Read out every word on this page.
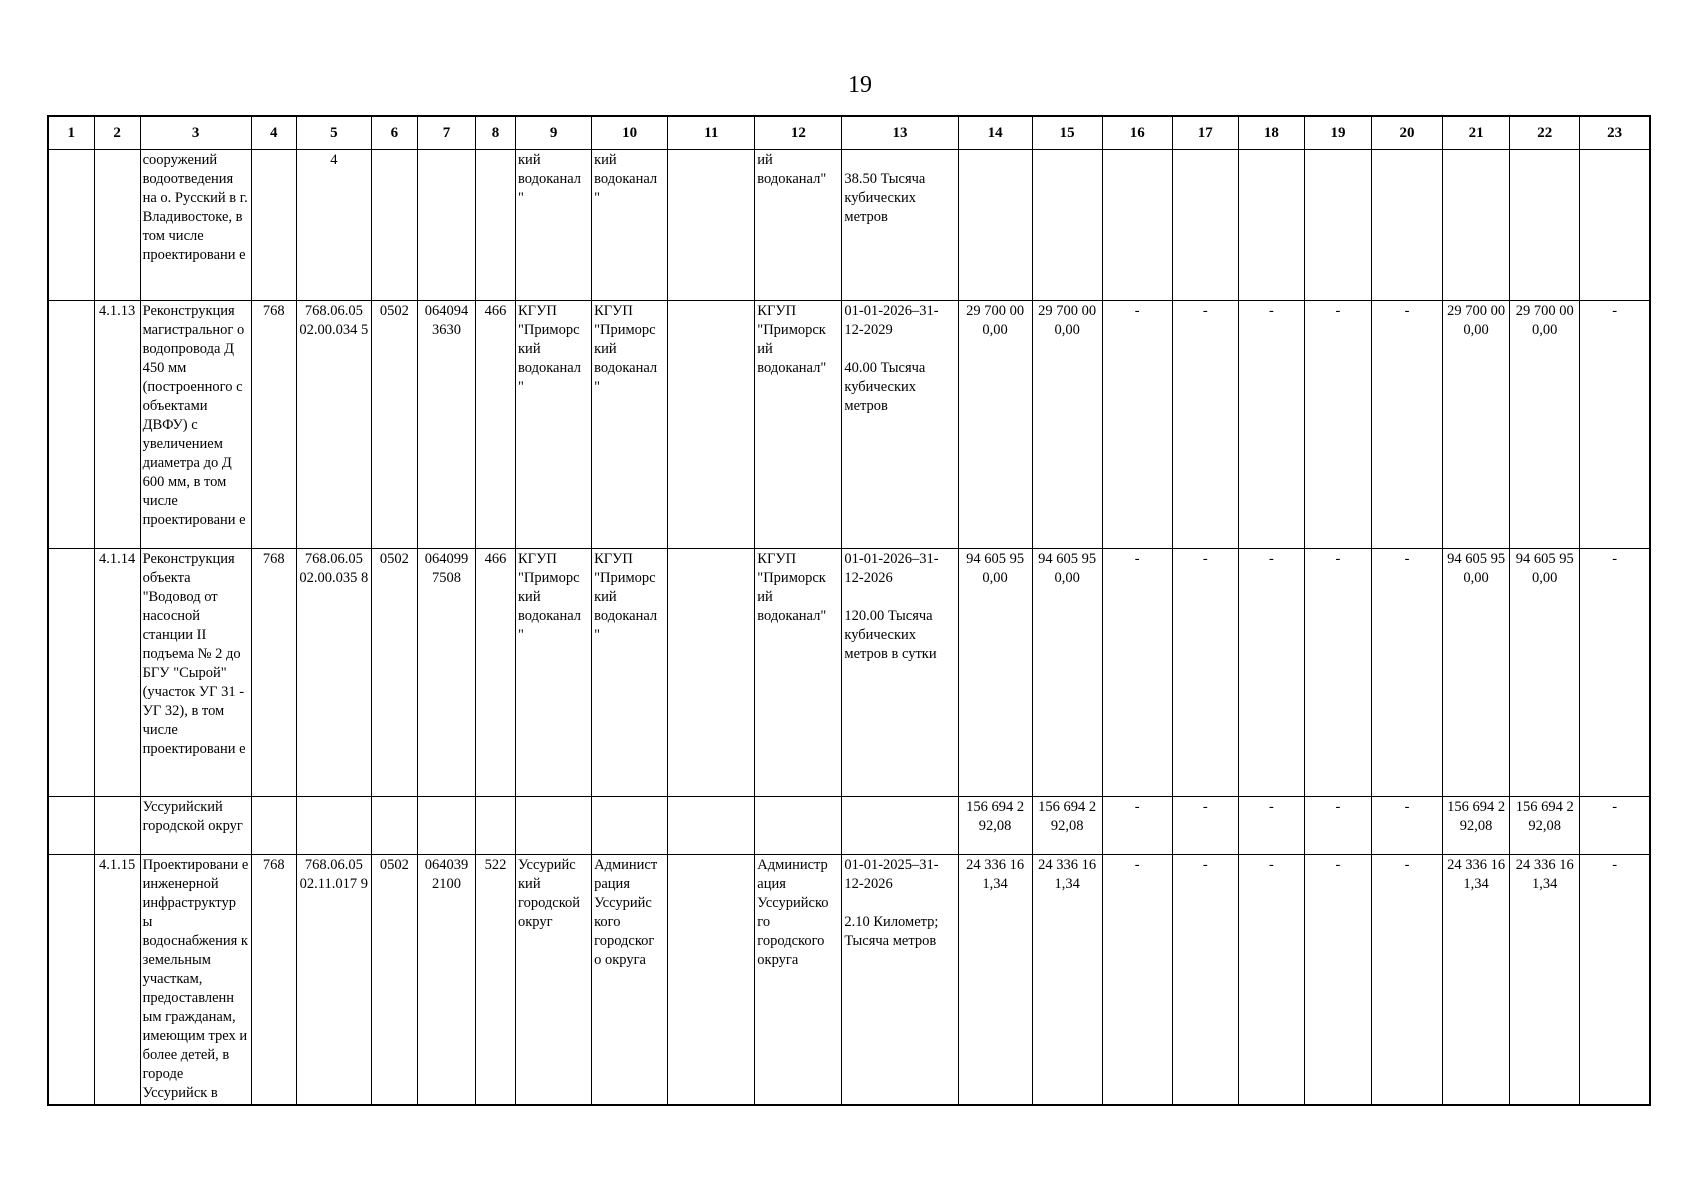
19
1	2	3	4	5	6	7	8	9	10	11	12	13	14	15	16	17	18	19	20	21	22	23
		сооружений водоотведения на о. Русский в г. Владивостоке, в том числе проектировани е		4				кий водоканал "	кий водоканал "		ий водоканал"	38.50 Тысяча кубических метров										
	4.1.13	Реконструкция магистральног о водопровода Д 450 мм (построенного с объектами ДВФУ) с увеличением диаметра до Д 600 мм, в том числе проектировани е	768	768.06.05 02.00.034 5	0502	064094 3630	466	КГУП "Приморс кий водоканал "	КГУП "Приморс кий водоканал "		КГУП "Приморск ий водоканал"	01-01-2026–31-12-2029
40.00 Тысяча кубических метров	29 700 00 0,00	29 700 00 0,00	-	-	-	-	-	29 700 00 0,00	29 700 00 0,00	-
	4.1.14	Реконструкция объекта "Водовод от насосной станции II подъема № 2 до БГУ "Сырой" (участок УГ 31 - УГ 32), в том числе проектировани е	768	768.06.05 02.00.035 8	0502	064099 7508	466	КГУП "Приморс кий водоканал "	КГУП "Приморс кий водоканал "		КГУП "Приморск ий водоканал"	01-01-2026–31-12-2026
120.00 Тысяча кубических метров в сутки	94 605 95 0,00	94 605 95 0,00	-	-	-	-	-	94 605 95 0,00	94 605 95 0,00	-
		Уссурийский городской округ											156 694 2 92,08	156 694 2 92,08	-	-	-	-	-	156 694 2 92,08	156 694 2 92,08	-
	4.1.15	Проектировани е инженерной инфраструктур ы водоснабжения к земельным участкам, предоставленн ым гражданам, имеющим трех и более детей, в городе Уссурийск в	768	768.06.05 02.11.017 9	0502	064039 2100	522	Уссурийс кий городской округ	Админист рация Уссурийс кого городског о округа		Администр ация Уссурийско го городского округа	01-01-2025–31-12-2026
2.10 Километр; Тысяча метров	24 336 16 1,34	24 336 16 1,34	-	-	-	-	-	24 336 16 1,34	24 336 16 1,34	-
